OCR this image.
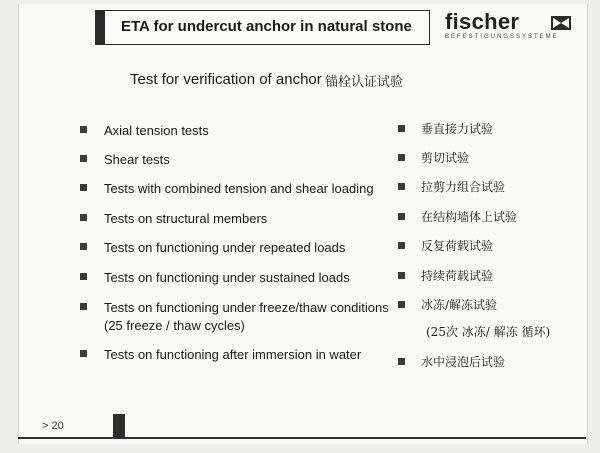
ETA for undercut anchor in natural stone fischer
BEFESTIGUNGSSYSTEME
Test for verification of anchor 锚栓认证试验
Axial tension tests
Shear tests
Tests with combined tension and shear loading
Tests on structural members
Tests on functioning under repeated loads
Tests on functioning under sustained loads
Tests on functioning under freeze/thaw conditions
(25 freeze / thaw cycles)
Tests on functioning after immersion in water
垂直接力试验
剪切试验
拉剪力组合试验
在结构墙体上试验
反复荷载试验
持续荷载试验
冰冻/解冻试验
(25次 冰冻/ 解冻 循环)
水中浸泡后试验
> 20
